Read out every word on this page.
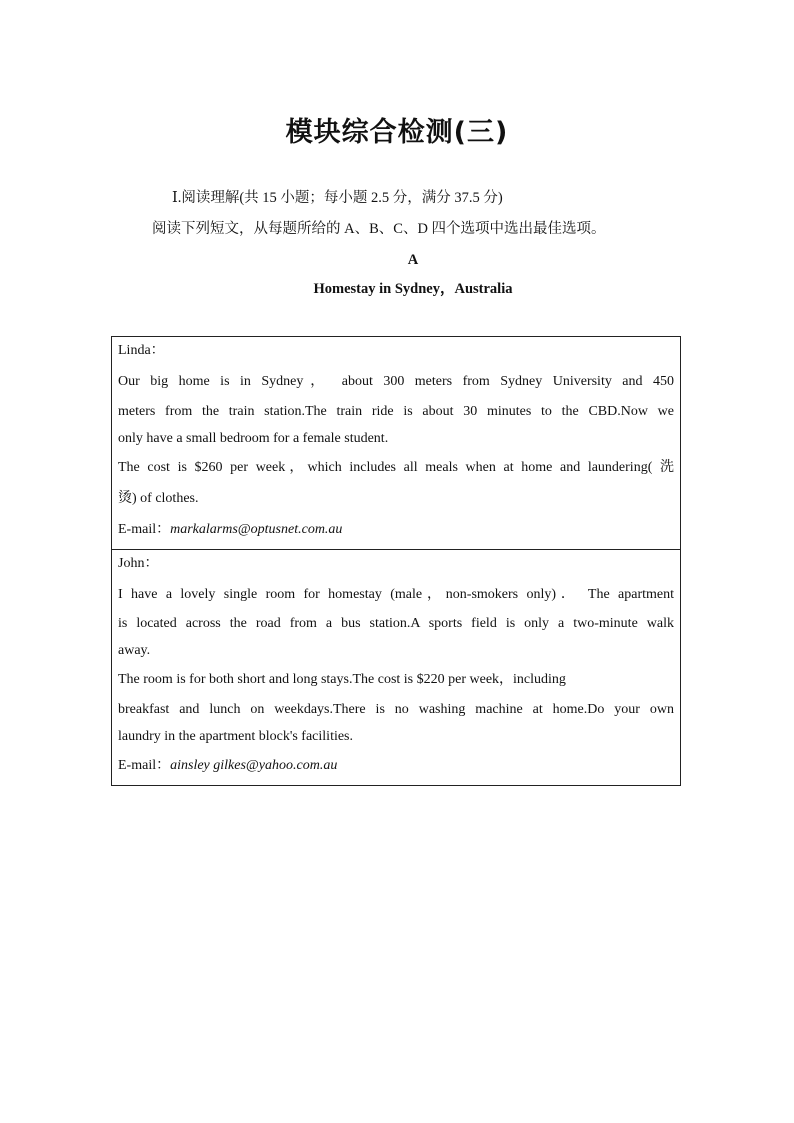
模块综合检测(三)
Ⅰ.阅读理解(共 15 小题；每小题 2.5 分，满分 37.5 分)
阅读下列短文，从每题所给的 A、B、C、D 四个选项中选出最佳选项。
A
Homestay in Sydney，Australia
Linda：
Our big home is in Sydney， about 300 meters from Sydney University and 450
meters from the train station.The train ride is about 30 minutes to the CBD.Now we
only have a small bedroom for a female student.
The cost is $260 per week，which includes all meals when at home and laundering( 洗
烫) of clothes.
E-mail：markalarms@optusnet.com.au
John：
I have a lovely single room for homestay (male，non-smokers only)． The apartment
is located across the road from a bus station.A sports field is only a two-minute walk
away.
The room is for both short and long stays.The cost is $220 per week，including
breakfast and lunch on weekdays.There is no washing machine at home.Do your own
laundry in the apartment block's facilities.
E-mail：ainsley gilkes@yahoo.com.au
